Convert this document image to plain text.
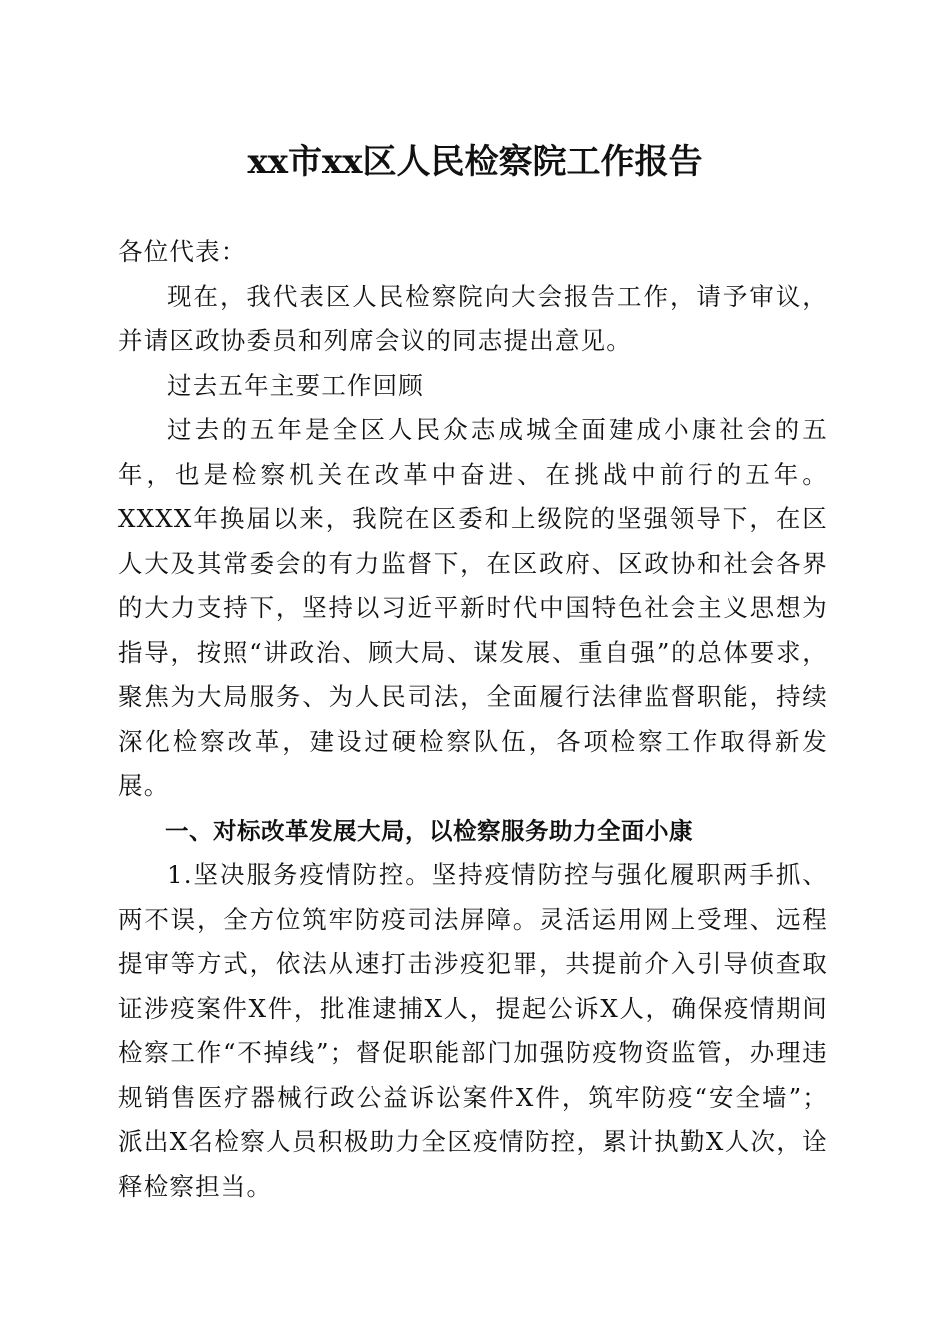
xx市xx区人民检察院工作报告

各位代表：

现在，我代表区人民检察院向大会报告工作，请予审议，并请区政协委员和列席会议的同志提出意见。

过去五年主要工作回顾

过去的五年是全区人民众志成城全面建成小康社会的五年，也是检察机关在改革中奋进、在挑战中前行的五年。XXXX年换届以来，我院在区委和上级院的坚强领导下，在区人大及其常委会的有力监督下，在区政府、区政协和社会各界的大力支持下，坚持以习近平新时代中国特色社会主义思想为指导，按照“讲政治、顾大局、谋发展、重自强”的总体要求，聚焦为大局服务、为人民司法，全面履行法律监督职能，持续深化检察改革，建设过硬检察队伍，各项检察工作取得新发展。

一、对标改革发展大局，以检察服务助力全面小康

1.坚决服务疫情防控。坚持疫情防控与强化履职两手抓、两不误，全方位筑牢防疫司法屏障。灵活运用网上受理、远程提审等方式，依法从速打击涉疫犯罪，共提前介入引导侦查取证涉疫案件X件，批准逮捕X人，提起公诉X人，确保疫情期间检察工作“不掉线”；督促职能部门加强防疫物资监管，办理违规销售医疗器械行政公益诉讼案件X件，筑牢防疫“安全墙”；派出X名检察人员积极助力全区疫情防控，累计执勤X人次，诠释检察担当。
